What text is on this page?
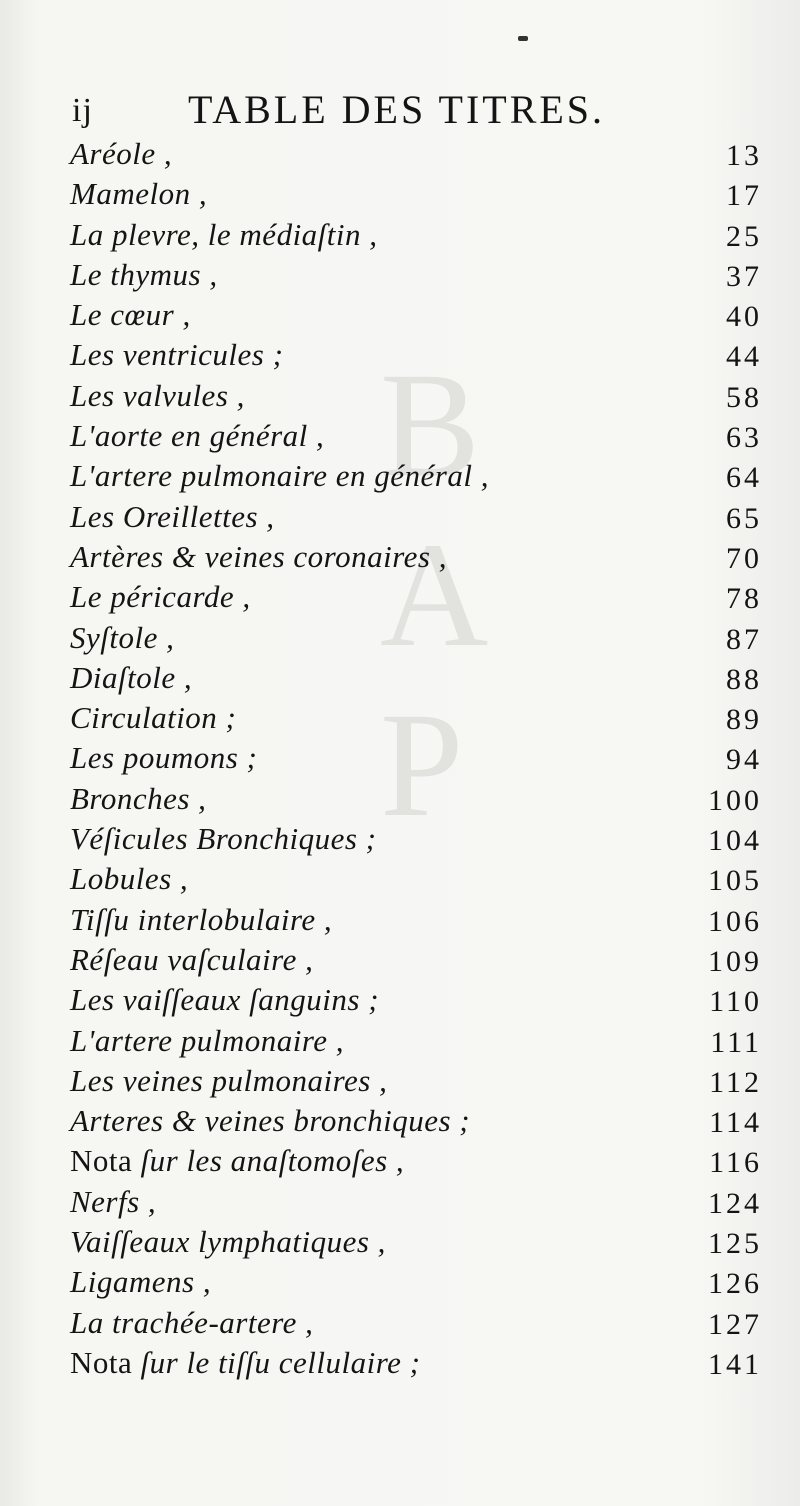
B
A
P
ij TABLE DES TITRES.
Aréole ,	13
Mamelon ,	17
La plevre, le médiaſtin ,	25
Le thymus ,	37
Le cœur ,	40
Les ventricules ;	44
Les valvules ,	58
L'aorte en général ,	63
L'artere pulmonaire en général ,	64
Les Oreillettes ,	65
Artères & veines coronaires ,	70
Le péricarde ,	78
Syſtole ,	87
Diaſtole ,	88
Circulation ;	89
Les poumons ;	94
Bronches ,	100
Véſicules Bronchiques ;	104
Lobules ,	105
Tiſſu interlobulaire ,	106
Réſeau vaſculaire ,	109
Les vaiſſeaux ſanguins ;	110
L'artere pulmonaire ,	111
Les veines pulmonaires ,	112
Arteres & veines bronchiques ;	114
Nota ſur les anaſtomoſes ,	116
Nerfs ,	124
Vaiſſeaux lymphatiques ,	125
Ligamens ,	126
La trachée-artere ,	127
Nota ſur le tiſſu cellulaire ;	141
